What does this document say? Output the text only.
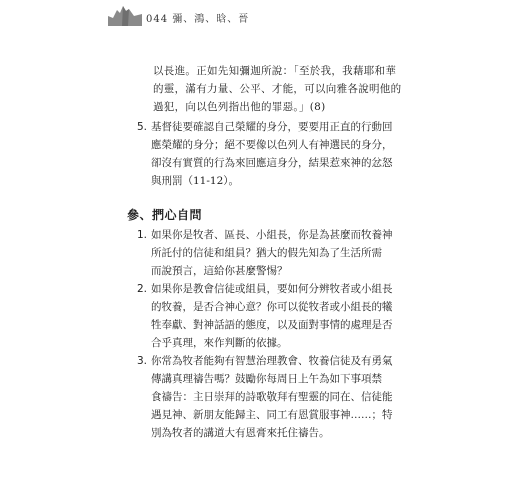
044 彌、鴻、晗、晉
以長進。正如先知彌迦所說：「至於我，我藉耶和華
的靈，滿有力量、公平、才能，可以向雅各說明他的
過犯，向以色列指出他的罪惡。」(8)
5. 基督徒要確認自己榮耀的身分，要要用正直的行動回
應榮耀的身分；絕不要像以色列人有神選民的身分，
卻沒有實質的行為來回應這身分，結果惹來神的忿怒
與刑罰（11-12）。
參、捫心自問
1. 如果你是牧者、區長、小組長，你是為甚麼而牧養神
所託付的信徒和組員？猶大的假先知為了生活所需
而說預言，這給你甚麼警惕？
2. 如果你是教會信徒或組員，要如何分辨牧者或小組長
的牧養，是否合神心意？你可以從牧者或小組長的犧
牲奉獻、對神話語的態度，以及面對事情的處理是否
合乎真理，來作判斷的依據。
3. 你常為牧者能夠有智慧治理教會、牧養信徒及有勇氣
傳講真理禱告嗎？鼓勵你每周日上午為如下事項禁
食禱告：主日崇拜的詩歌敬拜有聖靈的同在、信徒能
遇見神、新朋友能歸主、同工有恩賞服事神……；特
別為牧者的講道大有恩膏來托住禱告。
